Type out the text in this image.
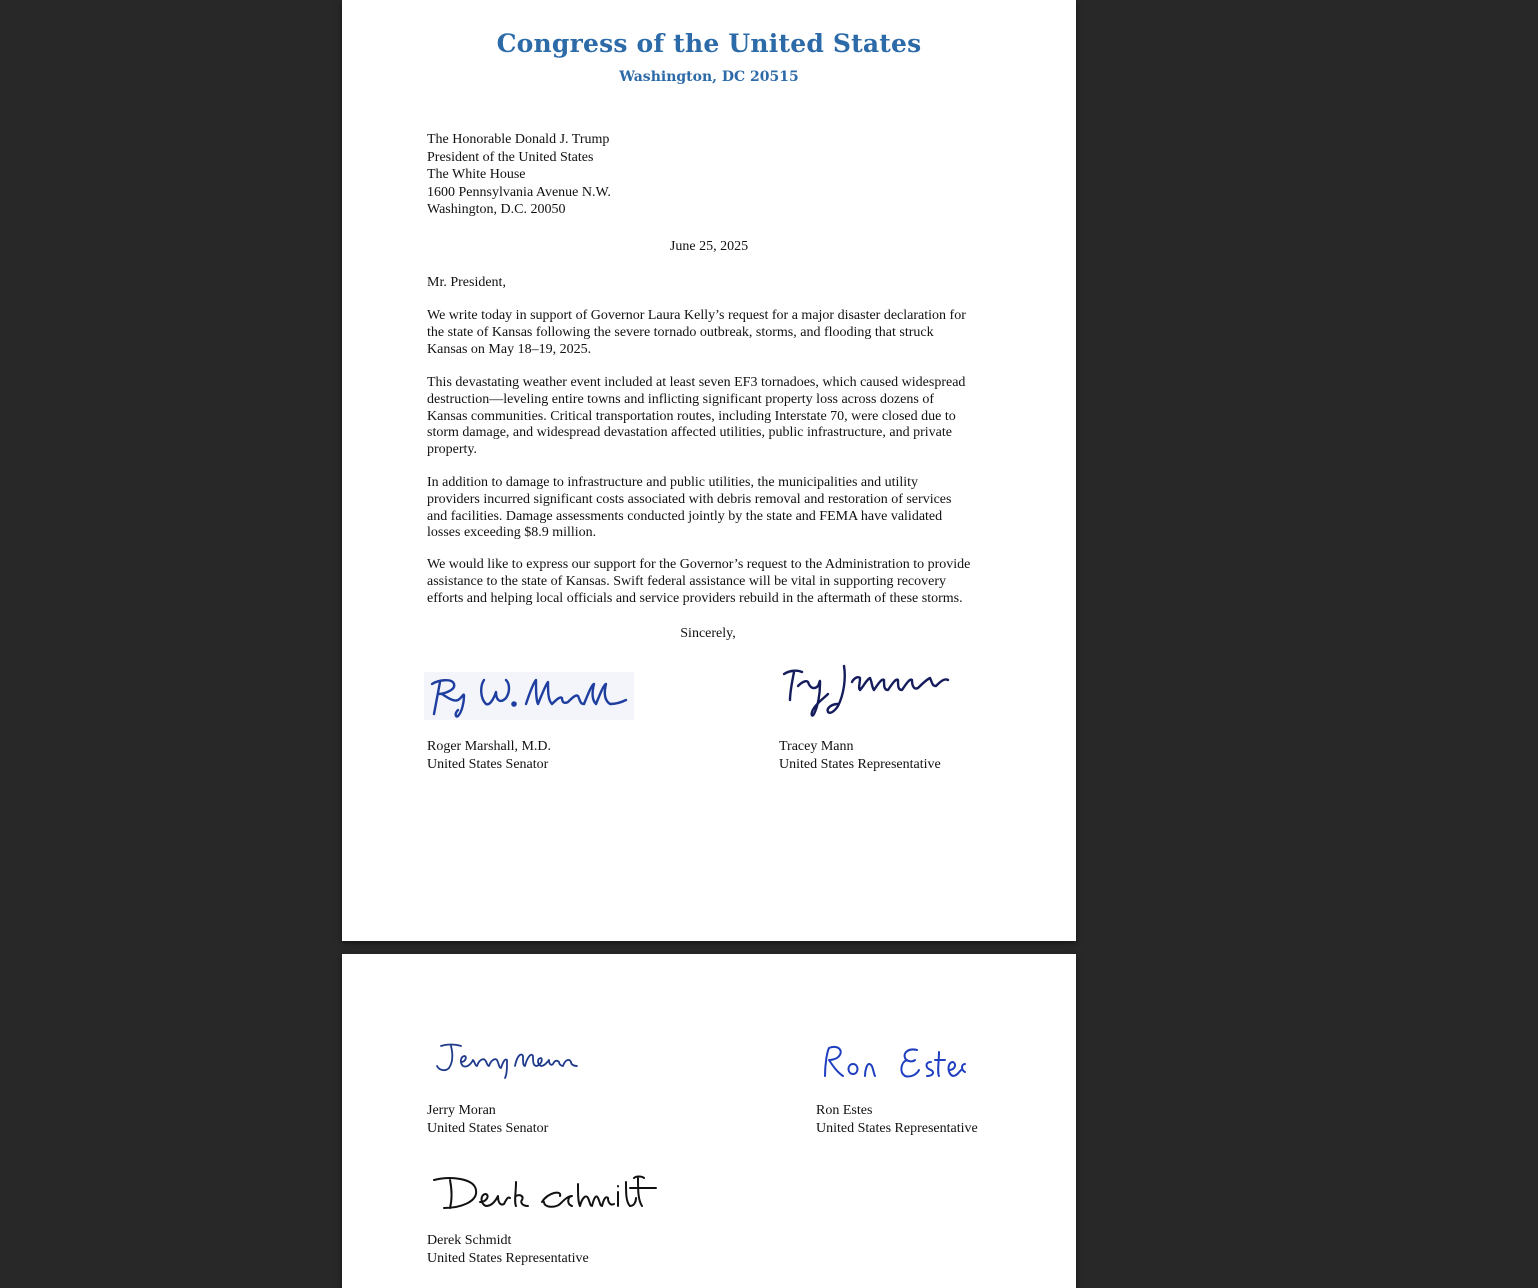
Congress of the United States
Washington, DC 20515
The Honorable Donald J. Trump
President of the United States
The White House
1600 Pennsylvania Avenue N.W.
Washington, D.C. 20050
June 25, 2025
Mr. President,
We write today in support of Governor Laura Kelly’s request for a major disaster declaration for
the state of Kansas following the severe tornado outbreak, storms, and flooding that struck
Kansas on May 18–19, 2025.
This devastating weather event included at least seven EF3 tornadoes, which caused widespread
destruction—leveling entire towns and inflicting significant property loss across dozens of
Kansas communities. Critical transportation routes, including Interstate 70, were closed due to
storm damage, and widespread devastation affected utilities, public infrastructure, and private
property.
In addition to damage to infrastructure and public utilities, the municipalities and utility
providers incurred significant costs associated with debris removal and restoration of services
and facilities. Damage assessments conducted jointly by the state and FEMA have validated
losses exceeding $8.9 million.
We would like to express our support for the Governor’s request to the Administration to provide
assistance to the state of Kansas. Swift federal assistance will be vital in supporting recovery
efforts and helping local officials and service providers rebuild in the aftermath of these storms.
Sincerely,
Roger Marshall, M.D.
United States Senator
Tracey Mann
United States Representative
Jerry Moran
United States Senator
Ron Estes
United States Representative
Derek Schmidt
United States Representative
